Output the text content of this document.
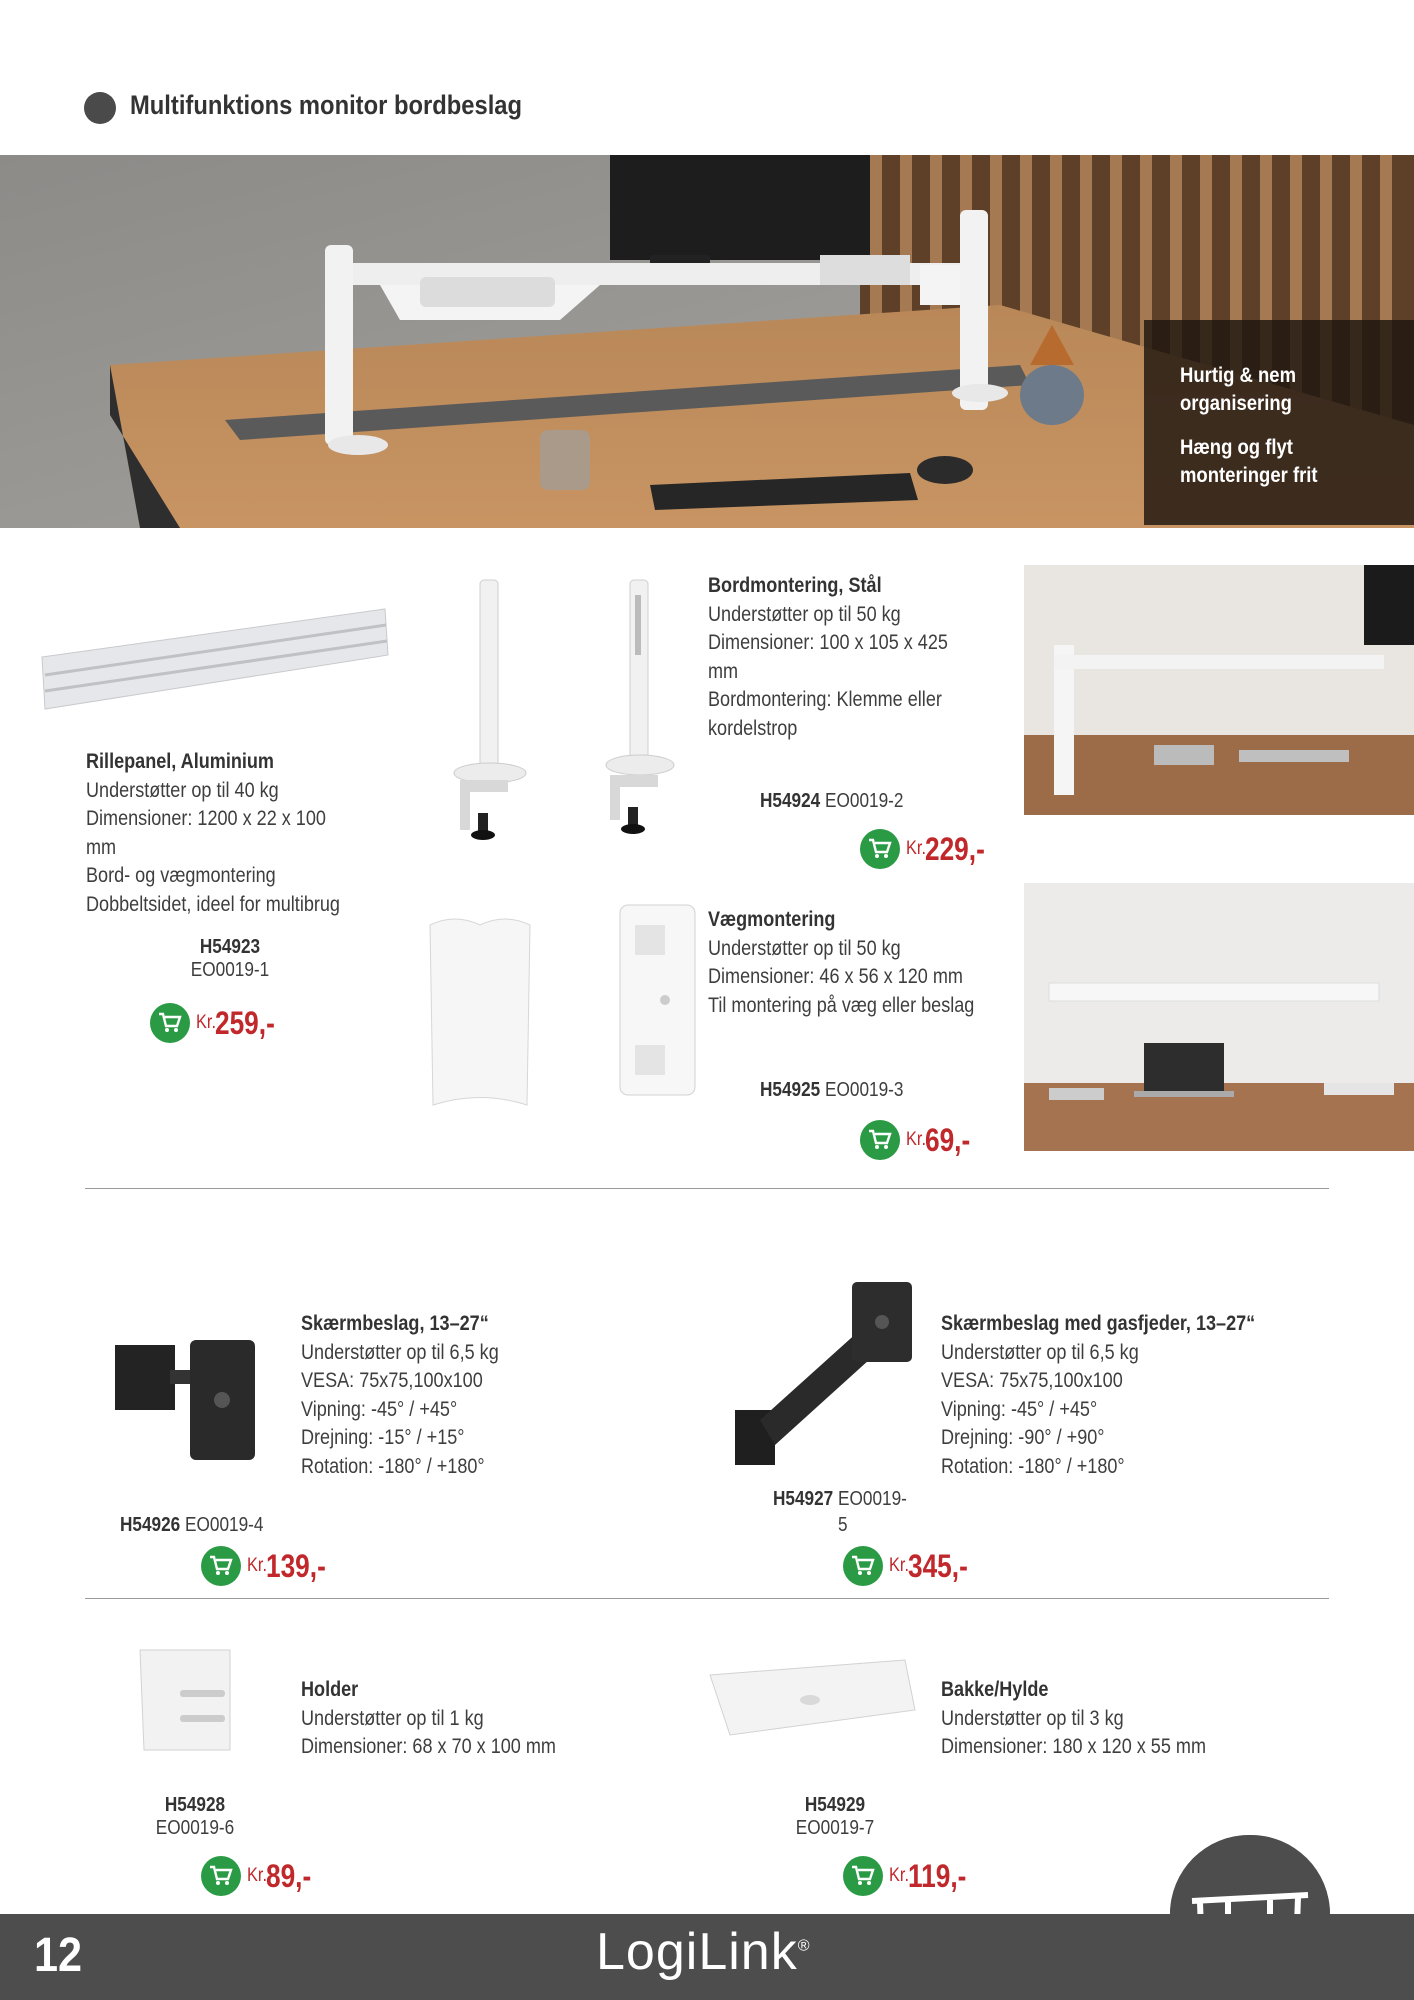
Multifunktions monitor bordbeslag
Hurtig & nem
organisering
Hæng og flyt
monteringer frit
Rillepanel, Aluminium
Understøtter op til 40 kg
Dimensioner: 1200 x 22 x 100
mm
Bord- og vægmontering
Dobbeltsidet, ideel for multibrug
H54923
EO0019-1
Kr.259,-
Bordmontering, Stål
Understøtter op til 50 kg
Dimensioner: 100 x 105 x 425
mm
Bordmontering: Klemme eller
kordelstrop
H54924 EO0019-2
Kr.229,-
Vægmontering
Understøtter op til 50 kg
Dimensioner: 46 x 56 x 120 mm
Til montering på væg eller beslag
H54925 EO0019-3
Kr.69,-
Skærmbeslag, 13–27“
Understøtter op til 6,5 kg
VESA: 75x75,100x100
Vipning: -45° / +45°
Drejning: -15° / +15°
Rotation: -180° / +180°
H54926 EO0019-4
Kr.139,-
Skærmbeslag med gasfjeder, 13–27“
Understøtter op til 6,5 kg
VESA: 75x75,100x100
Vipning: -45° / +45°
Drejning: -90° / +90°
Rotation: -180° / +180°
H54927 EO0019-
5
Kr.345,-
Holder
Understøtter op til 1 kg
Dimensioner: 68 x 70 x 100 mm
H54928
EO0019-6
Kr.89,-
Bakke/Hylde
Understøtter op til 3 kg
Dimensioner: 180 x 120 x 55 mm
H54929
EO0019-7
Kr.119,-
12	LogiLink®
